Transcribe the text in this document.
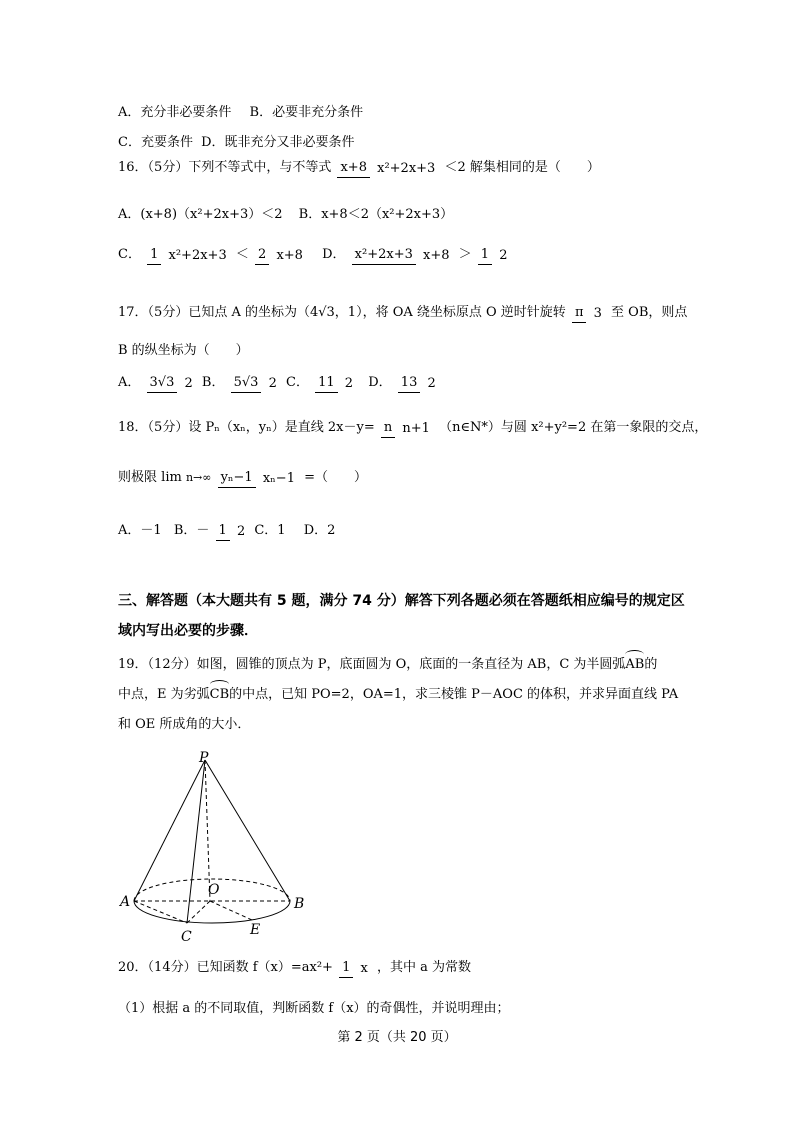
A．充分非必要条件 B．必要非充分条件
C．充要条件 D．既非充分又非必要条件
16．（5分）下列不等式中，与不等式 x+8 x²+2x+3 ＜2 解集相同的是（　　）
A．(x+8)（x²+2x+3）＜2 B．x+8＜2（x²+2x+3）
C． 1 x²+2x+3 ＜ 2 x+8 D． x²+2x+3 x+8 ＞ 1 2
17．（5分）已知点 A 的坐标为（4√3，1），将 OA 绕坐标原点 O 逆时针旋转 π 3 至 OB，则点
B 的纵坐标为（　　）
A． 3√3 2 B． 5√3 2 C． 11 2 D． 13 2
18．（5分）设 Pₙ（xₙ，yₙ）是直线 2x－y= n n+1 （n∈N*）与圆 x²+y²=2 在第一象限的交点，
则极限 lim n→∞ yₙ−1 xₙ−1 =（　　）
A．－1 B．－ 1 2 C．1 D．2
三、解答题（本大题共有 5 题，满分 74 分）解答下列各题必须在答题纸相应编号的规定区
域内写出必要的步骤．
19．（12分）如图，圆锥的顶点为 P，底面圆为 O，底面的一条直径为 AB，C 为半圆弧AB的
中点，E 为劣弧CB的中点，已知 PO=2，OA=1，求三棱锥 P－AOC 的体积，并求异面直线 PA
和 OE 所成角的大小．
P
O
A	B
C	E
20．（14分）已知函数 f（x）=ax²+ 1 x ，其中 a 为常数
（1）根据 a 的不同取值，判断函数 f（x）的奇偶性，并说明理由；
第 2 页（共 20 页）
